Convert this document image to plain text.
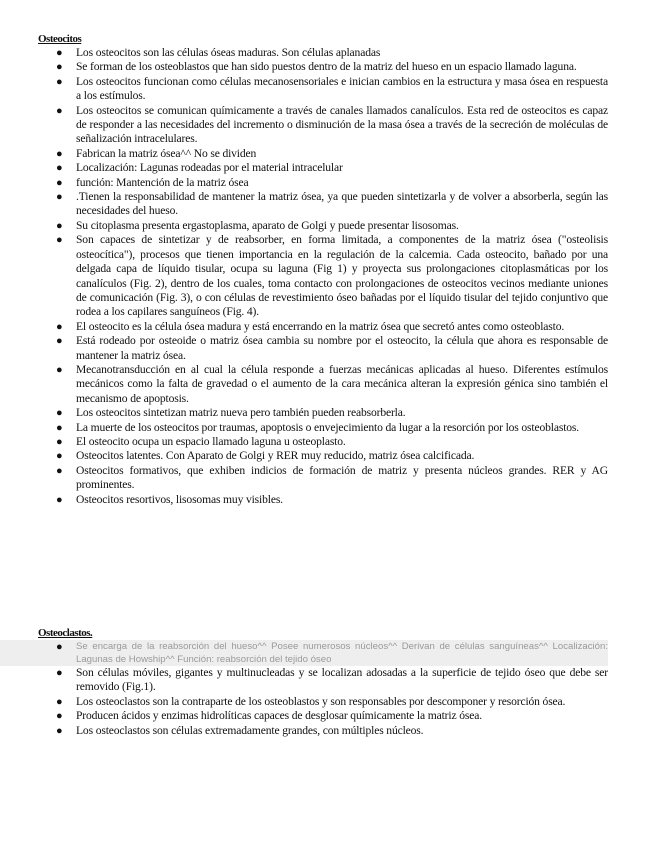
Osteocitos
● Los osteocitos son las células óseas maduras. Son células aplanadas
● Se forman de los osteoblastos que han sido puestos dentro de la matriz del hueso en un espacio llamado laguna.
● Los osteocitos funcionan como células mecanosensoriales e inician cambios en la estructura y masa ósea en respuesta a los estímulos.
● Los osteocitos se comunican químicamente a través de canales llamados canalículos. Esta red de osteocitos es capaz de responder a las necesidades del incremento o disminución de la masa ósea a través de la secreción de moléculas de señalización intracelulares.
● Fabrican la matriz ósea^^ No se dividen
● Localización: Lagunas rodeadas por el material intracelular
● función: Mantención de la matriz ósea
● .Tienen la responsabilidad de mantener la matriz ósea, ya que pueden sintetizarla y de volver a absorberla, según las necesidades del hueso.
● Su citoplasma presenta ergastoplasma, aparato de Golgi y puede presentar lisosomas.
● Son capaces de sintetizar y de reabsorber, en forma limitada, a componentes de la matriz ósea ("osteolisis osteocítica"), procesos que tienen importancia en la regulación de la calcemia. Cada osteocito, bañado por una delgada capa de líquido tisular, ocupa su laguna (Fig 1) y proyecta sus prolongaciones citoplasmáticas por los canalículos (Fig. 2), dentro de los cuales, toma contacto con prolongaciones de osteocitos vecinos mediante uniones de comunicación (Fig. 3), o con células de revestimiento óseo bañadas por el líquido tisular del tejido conjuntivo que rodea a los capilares sanguíneos (Fig. 4).
● El osteocito es la célula ósea madura y está encerrando en la matriz ósea que secretó antes como osteoblasto.
● Está rodeado por osteoide o matriz ósea cambia su nombre por el osteocito, la célula que ahora es responsable de mantener la matriz ósea.
● Mecanotransducción en al cual la célula responde a fuerzas mecánicas aplicadas al hueso. Diferentes estímulos mecánicos como la falta de gravedad o el aumento de la cara mecánica alteran la expresión génica sino también el mecanismo de apoptosis.
● Los osteocitos sintetizan matriz nueva pero también pueden reabsorberla.
● La muerte de los osteocitos por traumas, apoptosis o envejecimiento da lugar a la resorción por los osteoblastos.
● El osteocito ocupa un espacio llamado laguna u osteoplasto.
● Osteocitos latentes. Con Aparato de Golgi y RER muy reducido, matriz ósea calcificada.
● Osteocitos formativos, que exhiben indicios de formación de matriz y presenta núcleos grandes. RER y AG prominentes.
● Osteocitos resortivos, lisosomas muy visibles.
Osteoclastos.
● Se encarga de la reabsorción del hueso^^ Posee numerosos núcleos^^ Derivan de células sanguíneas^^ Localización: Lagunas de Howship^^ Función: reabsorción del tejido óseo
● Son células móviles, gigantes y multinucleadas y se localizan adosadas a la superficie de tejido óseo que debe ser removido (Fig.1).
● Los osteoclastos son la contraparte de los osteoblastos y son responsables por descomponer y resorción ósea.
● Producen ácidos y enzimas hidrolíticas capaces de desglosar químicamente la matriz ósea.
● Los osteoclastos son células extremadamente grandes, con múltiples núcleos.
